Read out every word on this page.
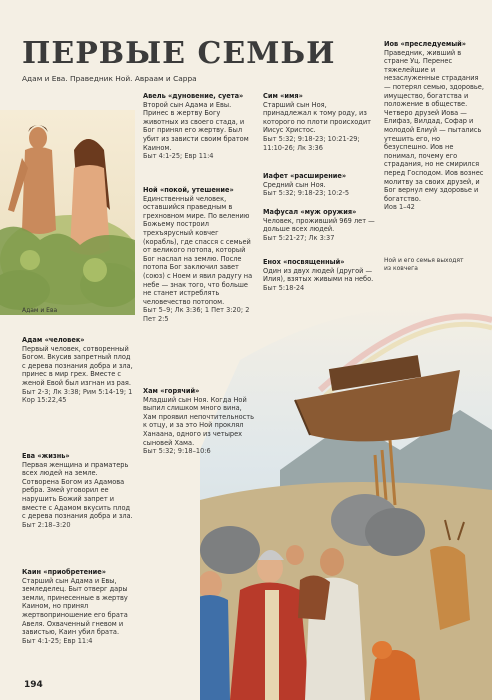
ПЕРВЫЕ СЕМЬИ
Адам и Ева. Праведник Ной. Авраам и Сарра
Адам и Ева
Ной и его семья выходят из ковчега
Адам «человек»
Первый человек, сотворенный Богом. Вкусив запретный плод с дерева познания добра и зла, принес в мир грех. Вместе с женой Евой был изгнан из рая.
Быт 2-3; Лк 3:38; Рим 5:14-19; 1 Кор 15:22,45
Ева «жизнь»
Первая женщина и праматерь всех людей на земле. Сотворена Богом из Адамова ребра. Змей уговорил ее нарушить Божий запрет и вместе с Адамом вкусить плод с дерева познания добра и зла.
Быт 2:18–3:20
Каин «приобретение»
Старший сын Адама и Евы, земледелец. Быт отверг дары земли, принесенные в жертву Каином, но принял жертвоприношение его брата Авеля. Охваченный гневом и завистью, Каин убил брата.
Быт 4:1-25; Евр 11:4
Авель «дуновение, суета»
Второй сын Адама и Евы. Принес в жертву Богу животных из своего стада, и Бог принял его жертву. Был убит из зависти своим братом Каином.
Быт 4:1-25; Евр 11:4
Ной «покой, утешение»
Единственный человек, оставшийся праведным в грехновном мире. По велению Божьему построил трехъярусный ковчег (корабль), где спасся с семьей от великого потопа, который Бог наслал на землю. После потопа Бог заключил завет (союз) с Ноем и явил радугу на небе — знак того, что больше не станет истреблять человечество потопом.
Быт 5–9; Лк 3:36; 1 Пет 3:20; 2 Пет 2:5
Хам «горячий»
Младший сын Ноя. Когда Ной выпил слишком много вина, Хам проявил непочтительность к отцу, и за это Ной проклял Ханаана, одного из четырех сыновей Хама.
Быт 5:32; 9:18–10:6
Сим «имя»
Старший сын Ноя, принадлежал к тому роду, из которого по плоти происходит Иисус Христос.
Быт 5:32; 9:18-23; 10:21-29; 11:10-26; Лк 3:36
Иафет «расширение»
Средний сын Ноя.
Быт 5:32; 9:18-23; 10:2-5
Мафусал «муж оружия»
Человек, проживший 969 лет — дольше всех людей.
Быт 5:21-27; Лк 3:37
Енох «посвященный»
Один из двух людей (другой — Илия), взятых живыми на небо.
Быт 5:18-24
Иов «преследуемый»
Праведник, живший в стране Уц. Перенес тяжелейшие и незаслуженные страдания — потерял семью, здоровье, имущество, богатства и положение в обществе. Четверо друзей Иова — Елифаз, Вилдад, Софар и молодой Елиуй — пытались утешить его, но безуспешно. Иов не понимал, почему его страдания, но не смирился перед Господом. Иов вознес молитву за своих друзей, и Бог вернул ему здоровье и богатство.
Иов 1–42
194
